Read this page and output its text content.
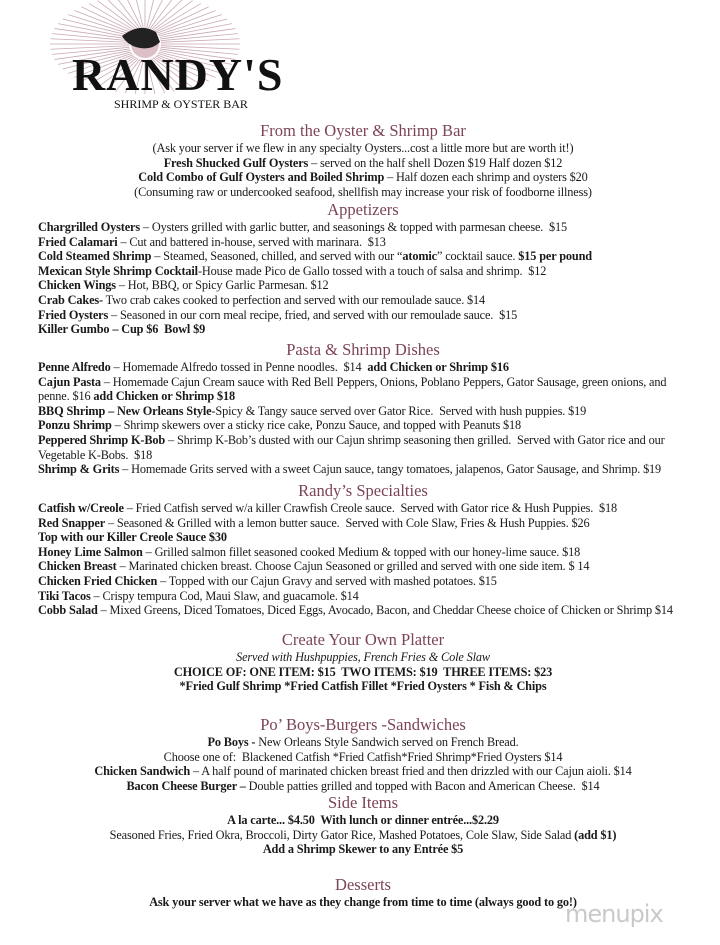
RANDY'S
SHRIMP & OYSTER BAR
From the Oyster & Shrimp Bar
(Ask your server if we flew in any specialty Oysters...cost a little more but are worth it!)
Fresh Shucked Gulf Oysters – served on the half shell Dozen $19 Half dozen $12
Cold Combo of Gulf Oysters and Boiled Shrimp – Half dozen each shrimp and oysters $20
(Consuming raw or undercooked seafood, shellfish may increase your risk of foodborne illness)
Appetizers
Chargrilled Oysters – Oysters grilled with garlic butter, and seasonings & topped with parmesan cheese.  $15
Fried Calamari – Cut and battered in-house, served with marinara.  $13
Cold Steamed Shrimp – Steamed, Seasoned, chilled, and served with our “atomic” cocktail sauce. $15 per pound
Mexican Style Shrimp Cocktail-House made Pico de Gallo tossed with a touch of salsa and shrimp.  $12
Chicken Wings – Hot, BBQ, or Spicy Garlic Parmesan. $12
Crab Cakes- Two crab cakes cooked to perfection and served with our remoulade sauce. $14
Fried Oysters – Seasoned in our corn meal recipe, fried, and served with our remoulade sauce.  $15
Killer Gumbo – Cup $6  Bowl $9
Pasta & Shrimp Dishes
Penne Alfredo – Homemade Alfredo tossed in Penne noodles.  $14  add Chicken or Shrimp $16
Cajun Pasta – Homemade Cajun Cream sauce with Red Bell Peppers, Onions, Poblano Peppers, Gator Sausage, green onions, and penne. $16 add Chicken or Shrimp $18
BBQ Shrimp – New Orleans Style-Spicy & Tangy sauce served over Gator Rice.  Served with hush puppies. $19
Ponzu Shrimp – Shrimp skewers over a sticky rice cake, Ponzu Sauce, and topped with Peanuts $18
Peppered Shrimp K-Bob – Shrimp K-Bob’s dusted with our Cajun shrimp seasoning then grilled.  Served with Gator rice and our Vegetable K-Bobs.  $18
Shrimp & Grits – Homemade Grits served with a sweet Cajun sauce, tangy tomatoes, jalapenos, Gator Sausage, and Shrimp. $19
Randy’s Specialties
Catfish w/Creole – Fried Catfish served w/a killer Crawfish Creole sauce.  Served with Gator rice & Hush Puppies.  $18
Red Snapper – Seasoned & Grilled with a lemon butter sauce.  Served with Cole Slaw, Fries & Hush Puppies. $26
Top with our Killer Creole Sauce $30
Honey Lime Salmon – Grilled salmon fillet seasoned cooked Medium & topped with our honey-lime sauce. $18
Chicken Breast – Marinated chicken breast. Choose Cajun Seasoned or grilled and served with one side item. $ 14
Chicken Fried Chicken – Topped with our Cajun Gravy and served with mashed potatoes. $15
Tiki Tacos – Crispy tempura Cod, Maui Slaw, and guacamole. $14
Cobb Salad – Mixed Greens, Diced Tomatoes, Diced Eggs, Avocado, Bacon, and Cheddar Cheese choice of Chicken or Shrimp $14
Create Your Own Platter
Served with Hushpuppies, French Fries & Cole Slaw
CHOICE OF: ONE ITEM: $15  TWO ITEMS: $19  THREE ITEMS: $23
*Fried Gulf Shrimp *Fried Catfish Fillet *Fried Oysters * Fish & Chips
Po’ Boys-Burgers -Sandwiches
Po Boys - New Orleans Style Sandwich served on French Bread.
Choose one of:  Blackened Catfish *Fried Catfish*Fried Shrimp*Fried Oysters $14
Chicken Sandwich – A half pound of marinated chicken breast fried and then drizzled with our Cajun aioli. $14
Bacon Cheese Burger – Double patties grilled and topped with Bacon and American Cheese.  $14
Side Items
A la carte... $4.50  With lunch or dinner entrée...$2.29
Seasoned Fries, Fried Okra, Broccoli, Dirty Gator Rice, Mashed Potatoes, Cole Slaw, Side Salad (add $1)
Add a Shrimp Skewer to any Entrée $5
Desserts
Ask your server what we have as they change from time to time (always good to go!)
menupix
